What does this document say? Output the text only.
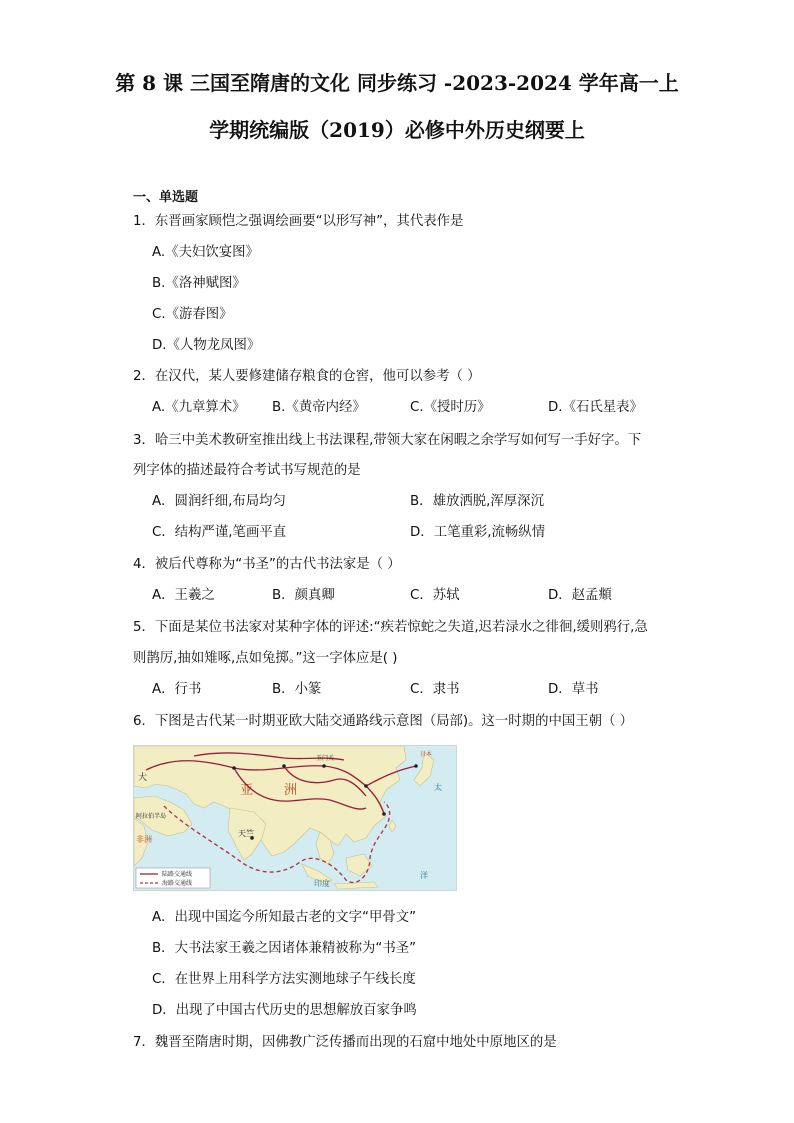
第 8 课 三国至隋唐的文化 同步练习 -2023-2024 学年高一上
学期统编版（2019）必修中外历史纲要上
一、单选题
1．东晋画家顾恺之强调绘画要“以形写神”，其代表作是
A.《夫妇饮宴图》
B.《洛神赋图》
C.《游春图》
D.《人物龙凤图》
2．在汉代，某人要修建储存粮食的仓窖，他可以参考（ ）
A.《九章算术》 B.《黄帝内经》	C.《授时历》	D.《石氏星表》
3．哈三中美术教研室推出线上书法课程,带领大家在闲暇之余学写如何写一手好字。下
列字体的描述最符合考试书写规范的是
A．圆润纤细,布局均匀	B．雄放洒脱,浑厚深沉
C．结构严谨,笔画平直	D．工笔重彩,流畅纵情
4．被后代尊称为“书圣”的古代书法家是（ ）
A．王羲之	B．颜真卿	C．苏轼	D．赵孟頫
5．下面是某位书法家对某种字体的评述:“疾若惊蛇之失道,迟若渌水之徘徊,缓则鸦行,急
则鹊厉,抽如雉啄,点如兔掷。”这一字体应是( )
A．行书	B．小篆	C．隶书	D．草书
6．下图是古代某一时期亚欧大陆交通路线示意图（局部)。这一时期的中国王朝（ ）
亚 洲
大
玉门关
阿拉伯半岛
非洲
天竺
日本
太
印度
洋
陆路交通线
海路交通线
A．出现中国迄今所知最古老的文字“甲骨文”
B．大书法家王羲之因诸体兼精被称为“书圣”
C．在世界上用科学方法实测地球子午线长度
D．出现了中国古代历史的思想解放百家争鸣
7．魏晋至隋唐时期，因佛教广泛传播而出现的石窟中地处中原地区的是
